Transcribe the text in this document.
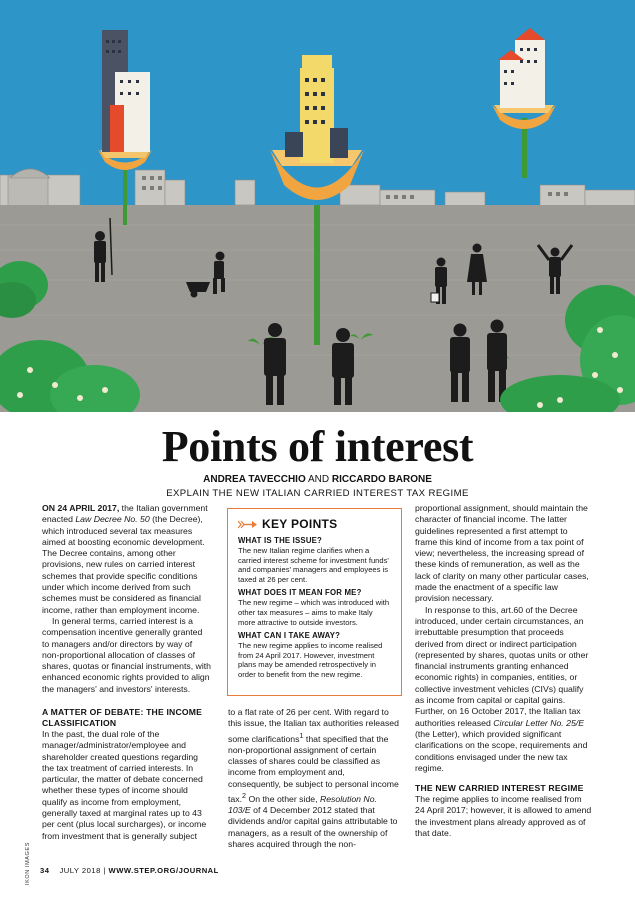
IKON IMAGES
Points of interest
ANDREA TAVECCHIO AND RICCARDO BARONE
EXPLAIN THE NEW ITALIAN CARRIED INTEREST TAX REGIME

ON 24 APRIL 2017, the Italian government enacted Law Decree No. 50 (the Decree), which introduced several tax measures aimed at boosting economic development. The Decree contains, among other provisions, new rules on carried interest schemes that provide specific conditions under which income derived from such schemes must be considered as financial income, rather than employment income.

In general terms, carried interest is a compensation incentive generally granted to managers and/or directors by way of non-proportional allocation of classes of shares, quotas or financial instruments, with enhanced economic rights provided to align the managers' and investors' interests.

A MATTER OF DEBATE: THE INCOME CLASSIFICATION

In the past, the dual role of the manager/administrator/employee and shareholder created questions regarding the tax treatment of carried interests. In particular, the matter of debate concerned whether these types of income should qualify as income from employment, generally taxed at marginal rates up to 43 per cent (plus local surcharges), or income from investment that is generally subject

KEY POINTS
WHAT IS THE ISSUE?
The new Italian regime clarifies when a carried interest scheme for investment funds' and companies' managers and employees is taxed at 26 per cent.
WHAT DOES IT MEAN FOR ME?
The new regime – which was introduced with other tax measures – aims to make Italy more attractive to outside investors.
WHAT CAN I TAKE AWAY?
The new regime applies to income realised from 24 April 2017. However, investment plans may be amended retrospectively in order to benefit from the new regime.

to a flat rate of 26 per cent. With regard to this issue, the Italian tax authorities released some clarifications$^1$ that specified that the non-proportional assignment of certain classes of shares could be classified as income from employment and, consequently, be subject to personal income tax.$^2$ On the other side, Resolution No. 103/E of 4 December 2012 stated that dividends and/or capital gains attributable to managers, as a result of the ownership of shares acquired through the non-

proportional assignment, should maintain the character of financial income. The latter guidelines represented a first attempt to frame this kind of income from a tax point of view; nevertheless, the increasing spread of these kinds of remuneration, as well as the lack of clarity on many other particular cases, made the enactment of a specific law provision necessary.

In response to this, art.60 of the Decree introduced, under certain circumstances, an irrebuttable presumption that proceeds derived from direct or indirect participation (represented by shares, quotas units or other financial instruments granting enhanced economic rights) in companies, entities, or collective investment vehicles (CIVs) qualify as income from capital or capital gains. Further, on 16 October 2017, the Italian tax authorities released Circular Letter No. 25/E (the Letter), which provided significant clarifications on the scope, requirements and conditions envisaged under the new tax regime.

THE NEW CARRIED INTEREST REGIME

The regime applies to income realised from 24 April 2017; however, it is allowed to amend the investment plans already approved as of that date.

34 JULY 2018 | WWW.STEP.ORG/JOURNAL
